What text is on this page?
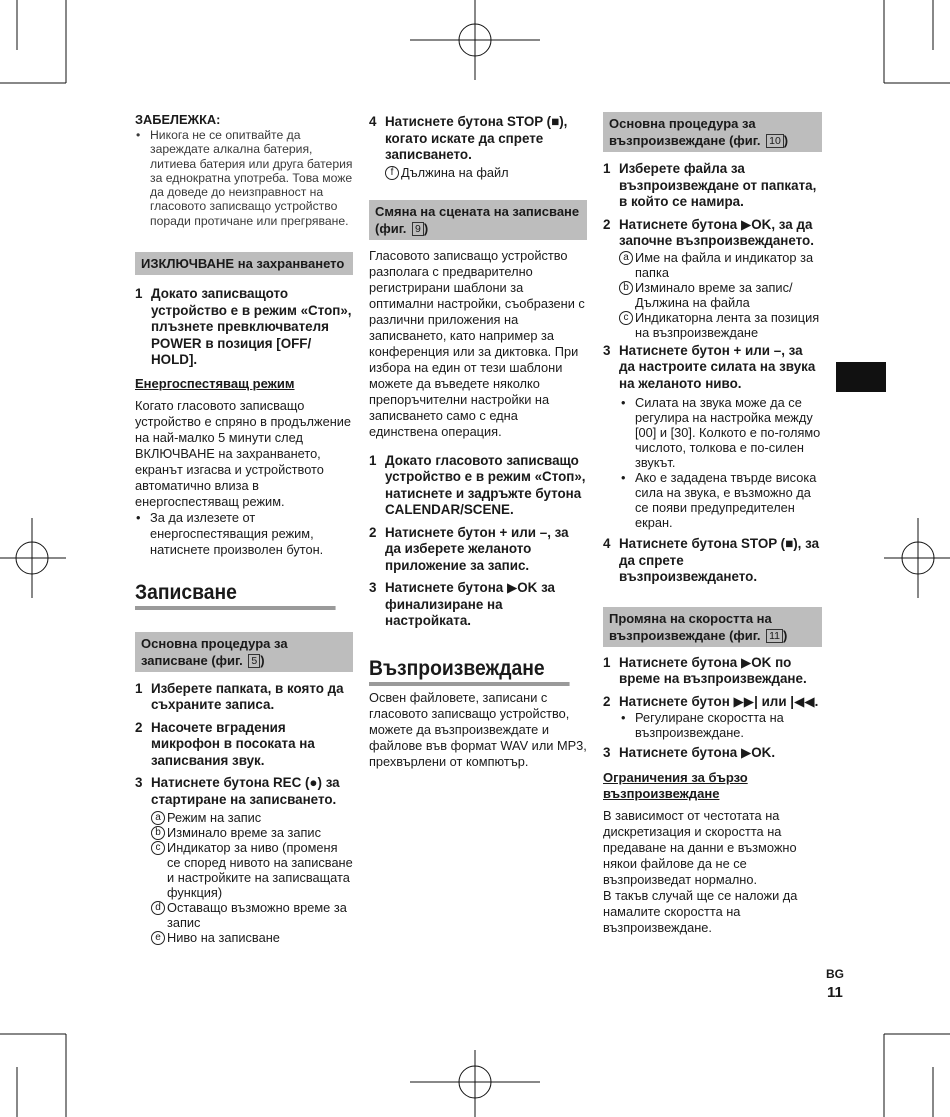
ЗАБЕЛЕЖКА:
• Никога не се опитвайте да зареждате алкална батерия, литиева батерия или друга батерия за еднократна употреба. Това може да доведе до неизправност на гласовото записващо устройство поради протичане или прегряване.
ИЗКЛЮЧВАНЕ на захранването
1 Докато записващото устройство е в режим «Стоп», плъзнете превключвателя POWER в позиция [OFF/ HOLD].
Енергоспестяващ режим
Когато гласовото записващо устройство е спряно в продължение на най-малко 5 минути след ВКЛЮЧВАНЕ на захранването, екранът изгасва и устройството автоматично влиза в енергоспестяващ режим.
• За да излезете от енергоспестяващия режим, натиснете произволен бутон.
Записване
Основна процедура за записване (фиг. 5 )
1 Изберете папката, в която да съхраните записа.
2 Насочете вградения микрофон в посоката на записвания звук.
3 Натиснете бутона REC (●) за стартиране на записването.
a Режим на запис
b Изминало време за запис
c Индикатор за ниво (променя се според нивото на записване и настройките на записващата функция)
d Оставащо възможно време за запис
e Ниво на записване
4 Натиснете бутона STOP (■), когато искате да спрете записването.
f Дължина на файл
Смяна на сцената на записване (фиг. 9 )
Гласовото записващо устройство разполага с предварително регистрирани шаблони за оптимални настройки, съобразени с различни приложения на записването, като например за конференция или за диктовка. При избора на един от тези шаблони можете да въведете няколко препоръчителни настройки на записването само с една единствена операция.
1 Докато гласовото записващо устройство е в режим «Стоп», натиснете и задръжте бутона CALENDAR/SCENE.
2 Натиснете бутон + или –, за да изберете желаното приложение за запис.
3 Натиснете бутона ▶OK за финализиране на настройката.
Възпроизвеждане
Освен файловете, записани с гласовото записващо устройство, можете да възпроизвеждате и файлове във формат WAV или MP3, прехвърлени от компютър.
Основна процедура за възпроизвеждане (фиг. 10 )
1 Изберете файла за възпроизвеждане от папката, в който се намира.
2 Натиснете бутона ▶OK, за да започне възпроизвеждането.
a Име на файла и индикатор за папка
b Изминало време за запис/ Дължина на файла
c Индикаторна лента за позиция на възпроизвеждане
3 Натиснете бутон + или –, за да настроите силата на звука на желаното ниво.
• Силата на звука може да се регулира на настройка между [00] и [30]. Колкото е по-голямо числото, толкова е по-силен звукът.
• Ако е зададена твърде висока сила на звука, е възможно да се появи предупредителен екран.
4 Натиснете бутона STOP (■), за да спрете възпроизвеждането.
Промяна на скоростта на възпроизвеждане (фиг. 11 )
1 Натиснете бутона ▶OK по време на възпроизвеждане.
2 Натиснете бутон ▶▶| или |◀◀.
• Регулиране скоростта на възпроизвеждане.
3 Натиснете бутона ▶OK.
Ограничения за бързо възпроизвеждане
В зависимост от честотата на дискретизация и скоростта на предаване на данни е възможно някои файлове да не се възпроизведат нормално.
В такъв случай ще се наложи да намалите скоростта на възпроизвеждане.
BG
11
